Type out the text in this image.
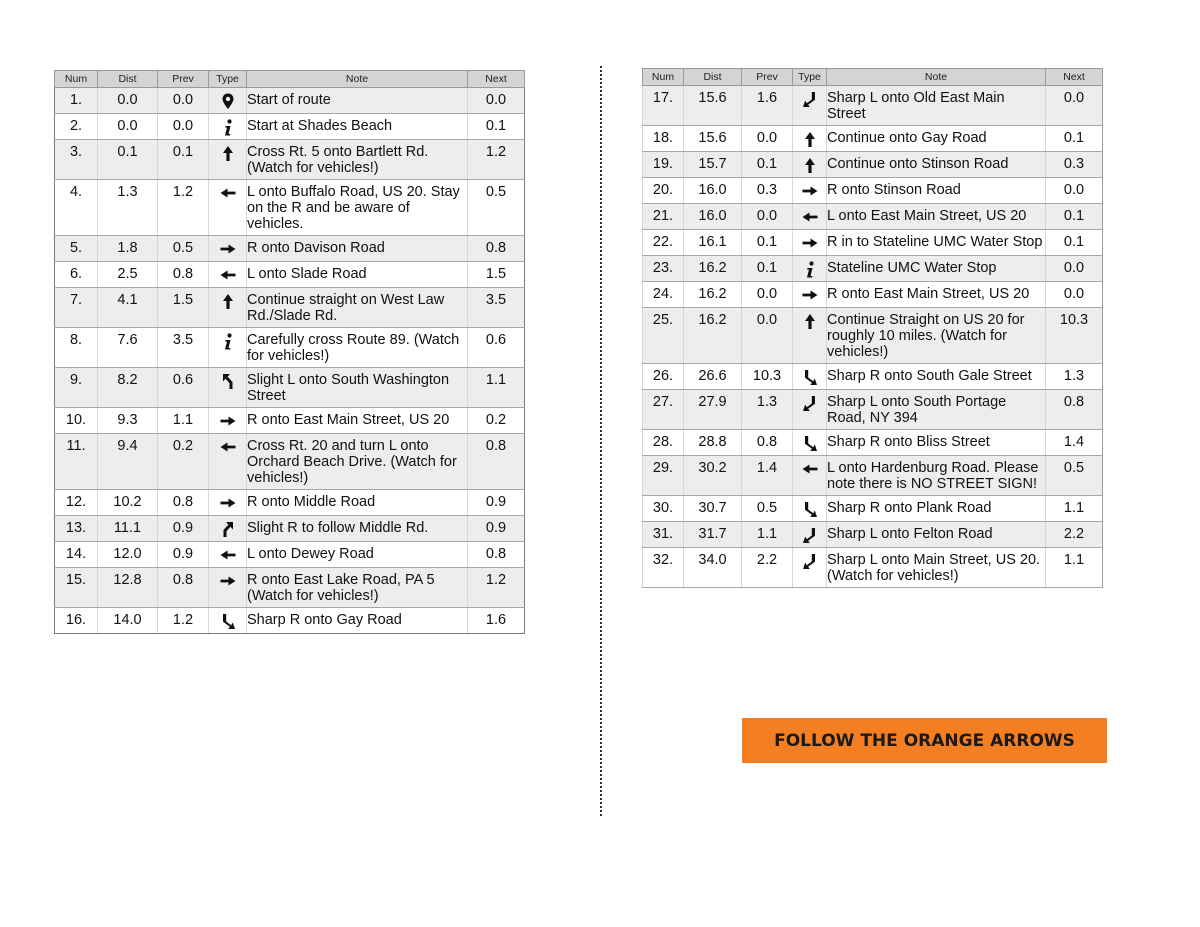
Num	Dist	Prev	Type	Note	Next
1.	0.0	0.0		Start of route	0.0
2.	0.0	0.0		Start at Shades Beach	0.1
3.	0.1	0.1		Cross Rt. 5 onto Bartlett Rd. (Watch for vehicles!)	1.2
4.	1.3	1.2		L onto Buffalo Road, US 20. Stay on the R and be aware of vehicles.	0.5
5.	1.8	0.5		R onto Davison Road	0.8
6.	2.5	0.8		L onto Slade Road	1.5
7.	4.1	1.5		Continue straight on West Law Rd./Slade Rd.	3.5
8.	7.6	3.5		Carefully cross Route 89. (Watch for vehicles!)	0.6
9.	8.2	0.6		Slight L onto South Washington Street	1.1
10.	9.3	1.1		R onto East Main Street, US 20	0.2
11.	9.4	0.2		Cross Rt. 20 and turn L onto Orchard Beach Drive. (Watch for vehicles!)	0.8
12.	10.2	0.8		R onto Middle Road	0.9
13.	11.1	0.9		Slight R to follow Middle Rd.	0.9
14.	12.0	0.9		L onto Dewey Road	0.8
15.	12.8	0.8		R onto East Lake Road, PA 5 (Watch for vehicles!)	1.2
16.	14.0	1.2		Sharp R onto Gay Road	1.6
Num	Dist	Prev	Type	Note	Next
17.	15.6	1.6		Sharp L onto Old East Main Street	0.0
18.	15.6	0.0		Continue onto Gay Road	0.1
19.	15.7	0.1		Continue onto Stinson Road	0.3
20.	16.0	0.3		R onto Stinson Road	0.0
21.	16.0	0.0		L onto East Main Street, US 20	0.1
22.	16.1	0.1		R in to Stateline UMC Water Stop	0.1
23.	16.2	0.1		Stateline UMC Water Stop	0.0
24.	16.2	0.0		R onto East Main Street, US 20	0.0
25.	16.2	0.0		Continue Straight on US 20 for roughly 10 miles. (Watch for vehicles!)	10.3
26.	26.6	10.3		Sharp R onto South Gale Street	1.3
27.	27.9	1.3		Sharp L onto South Portage Road, NY 394	0.8
28.	28.8	0.8		Sharp R onto Bliss Street	1.4
29.	30.2	1.4		L onto Hardenburg Road. Please note there is NO STREET SIGN!	0.5
30.	30.7	0.5		Sharp R onto Plank Road	1.1
31.	31.7	1.1		Sharp L onto Felton Road	2.2
32.	34.0	2.2		Sharp L onto Main Street, US 20. (Watch for vehicles!)	1.1
FOLLOW THE ORANGE ARROWS
